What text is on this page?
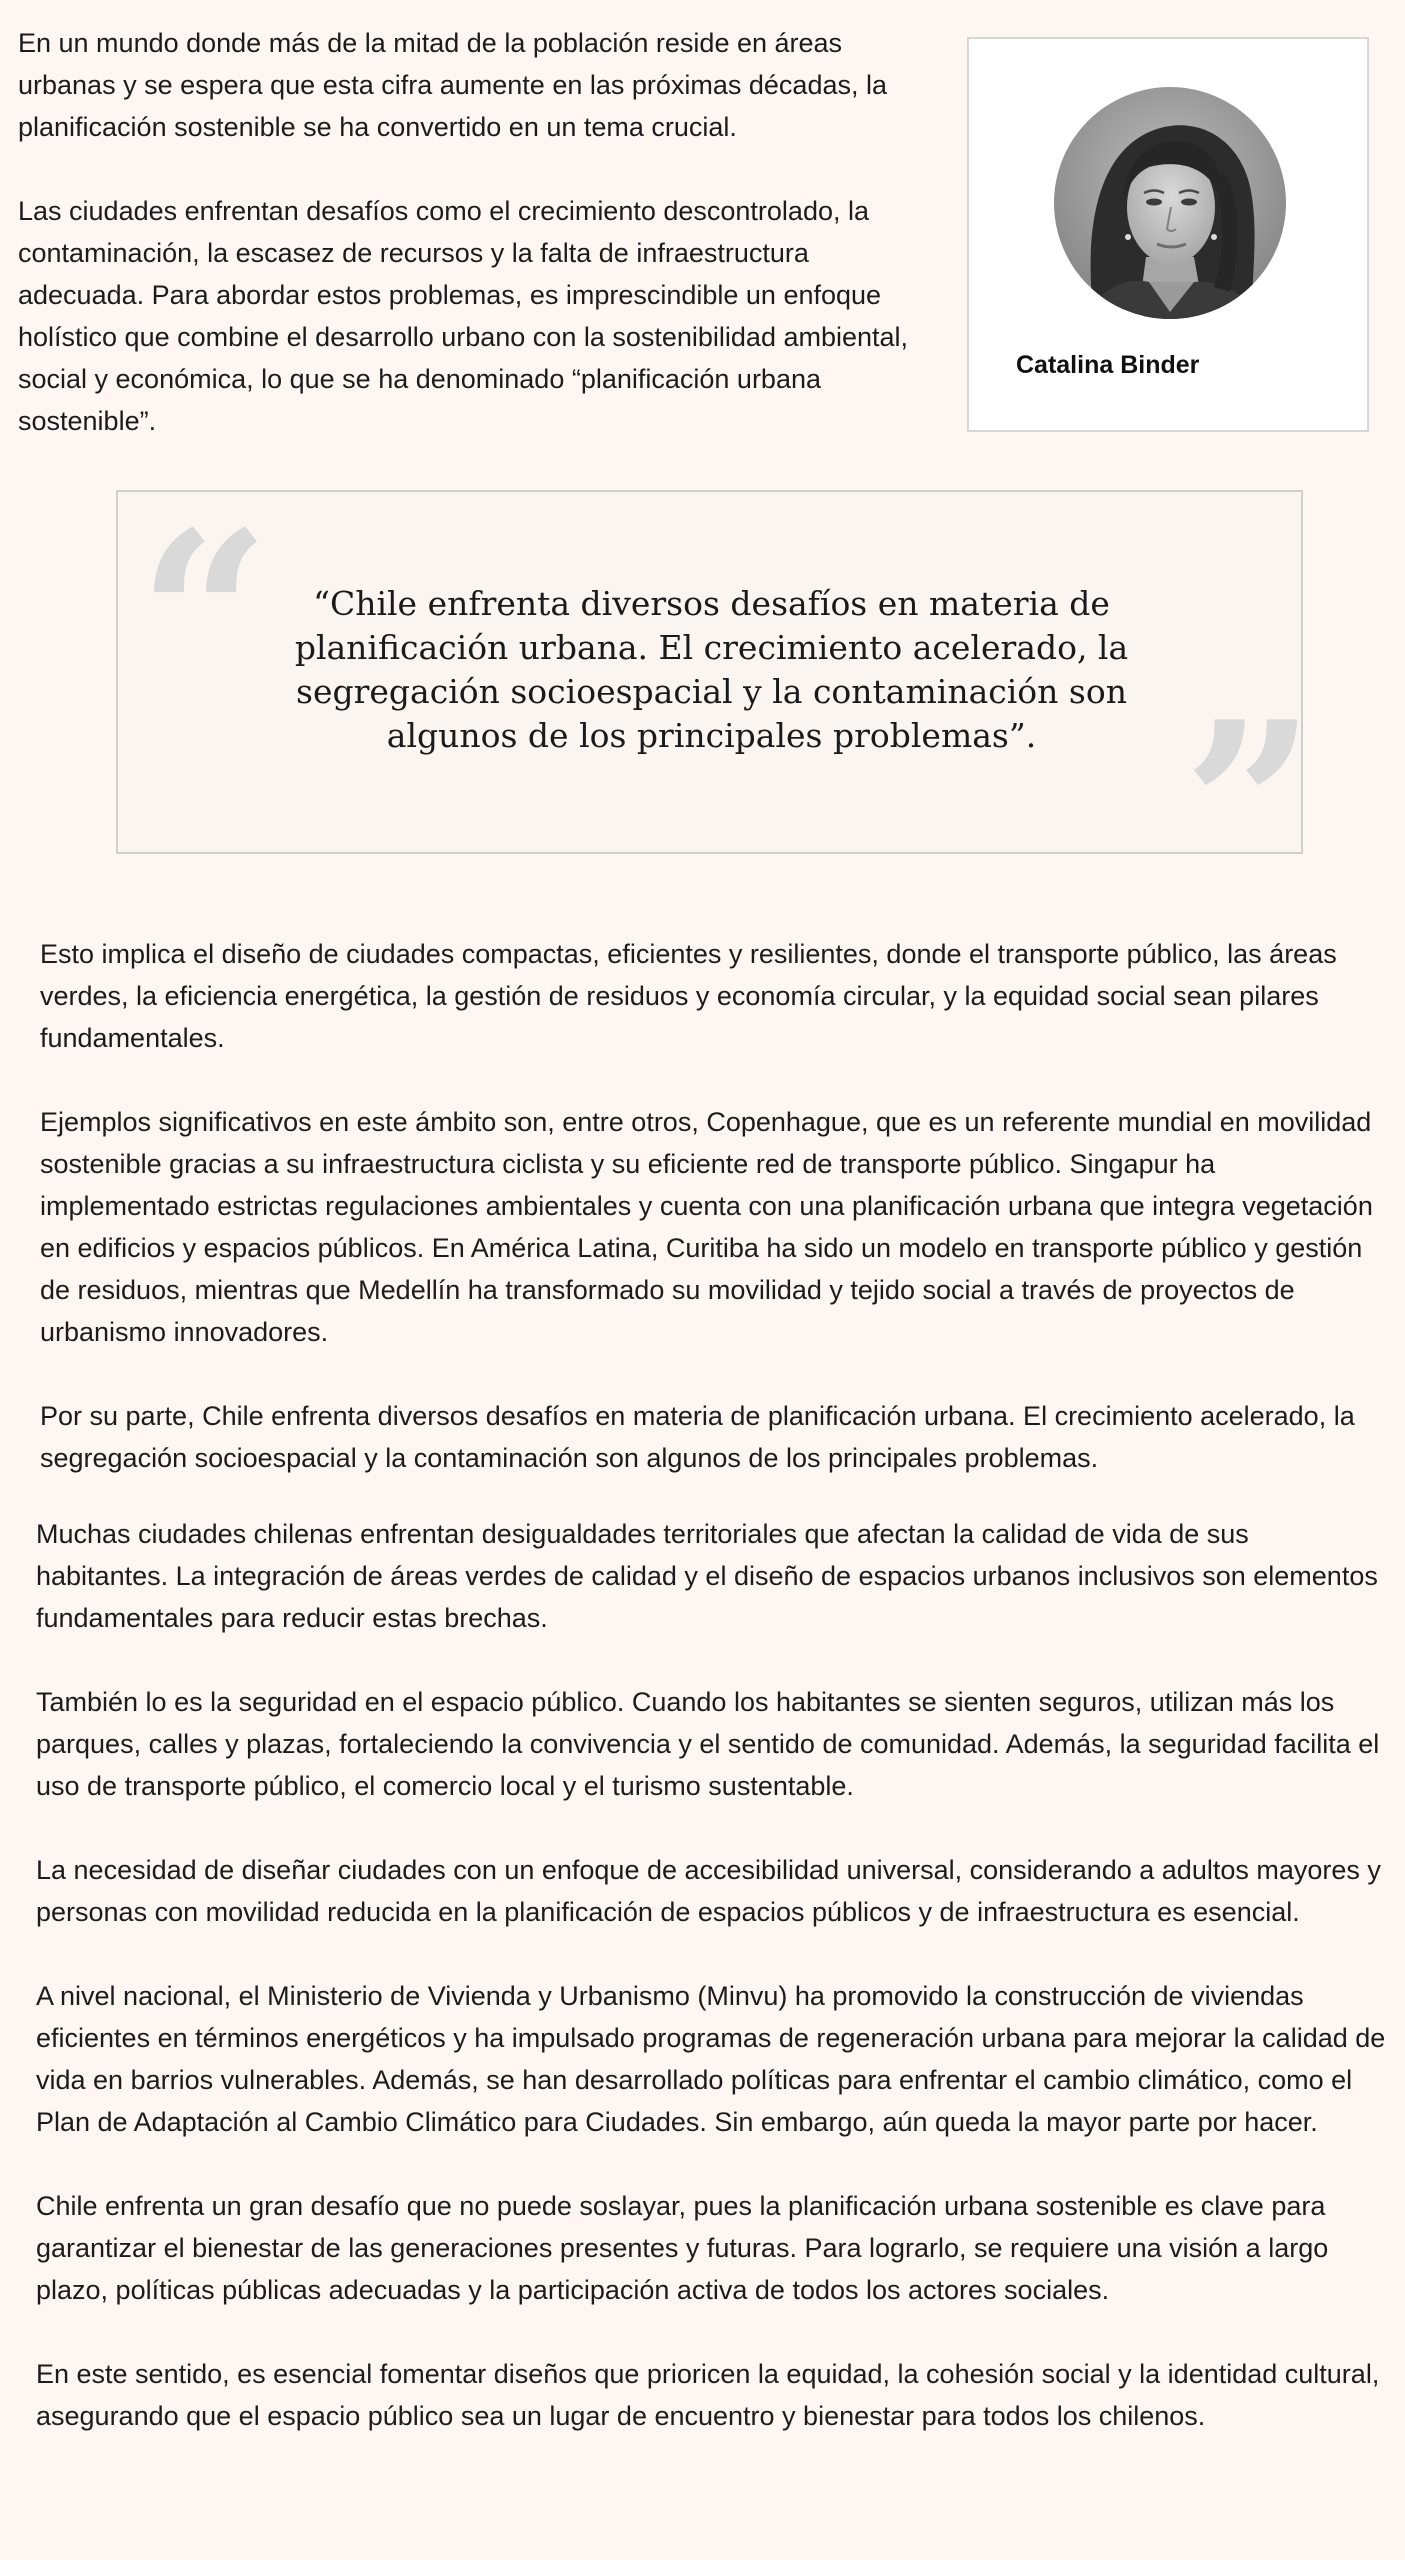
En un mundo donde más de la mitad de la población reside en áreas urbanas y se espera que esta cifra aumente en las próximas décadas, la planificación sostenible se ha convertido en un tema crucial.

Las ciudades enfrentan desafíos como el crecimiento descontrolado, la contaminación, la escasez de recursos y la falta de infraestructura adecuada. Para abordar estos problemas, es imprescindible un enfoque holístico que combine el desarrollo urbano con la sostenibilidad ambiental, social y económica, lo que se ha denominado “planificación urbana sostenible”.

Catalina Binder
“	“Chile enfrenta diversos desafíos en materia de planificación urbana. El crecimiento acelerado, la segregación socioespacial y la contaminación son algunos de los principales problemas”. ”

Esto implica el diseño de ciudades compactas, eficientes y resilientes, donde el transporte público, las áreas verdes, la eficiencia energética, la gestión de residuos y economía circular, y la equidad social sean pilares fundamentales.

Ejemplos significativos en este ámbito son, entre otros, Copenhague, que es un referente mundial en movilidad sostenible gracias a su infraestructura ciclista y su eficiente red de transporte público. Singapur ha implementado estrictas regulaciones ambientales y cuenta con una planificación urbana que integra vegetación en edificios y espacios públicos. En América Latina, Curitiba ha sido un modelo en transporte público y gestión de residuos, mientras que Medellín ha transformado su movilidad y tejido social a través de proyectos de urbanismo innovadores.

Por su parte, Chile enfrenta diversos desafíos en materia de planificación urbana. El crecimiento acelerado, la segregación socioespacial y la contaminación son algunos de los principales problemas.

Muchas ciudades chilenas enfrentan desigualdades territoriales que afectan la calidad de vida de sus habitantes. La integración de áreas verdes de calidad y el diseño de espacios urbanos inclusivos son elementos fundamentales para reducir estas brechas.

También lo es la seguridad en el espacio público. Cuando los habitantes se sienten seguros, utilizan más los parques, calles y plazas, fortaleciendo la convivencia y el sentido de comunidad. Además, la seguridad facilita el uso de transporte público, el comercio local y el turismo sustentable.

La necesidad de diseñar ciudades con un enfoque de accesibilidad universal, considerando a adultos mayores y personas con movilidad reducida en la planificación de espacios públicos y de infraestructura es esencial.

A nivel nacional, el Ministerio de Vivienda y Urbanismo (Minvu) ha promovido la construcción de viviendas eficientes en términos energéticos y ha impulsado programas de regeneración urbana para mejorar la calidad de vida en barrios vulnerables. Además, se han desarrollado políticas para enfrentar el cambio climático, como el Plan de Adaptación al Cambio Climático para Ciudades. Sin embargo, aún queda la mayor parte por hacer.

Chile enfrenta un gran desafío que no puede soslayar, pues la planificación urbana sostenible es clave para garantizar el bienestar de las generaciones presentes y futuras. Para lograrlo, se requiere una visión a largo plazo, políticas públicas adecuadas y la participación activa de todos los actores sociales.

En este sentido, es esencial fomentar diseños que prioricen la equidad, la cohesión social y la identidad cultural, asegurando que el espacio público sea un lugar de encuentro y bienestar para todos los chilenos.
